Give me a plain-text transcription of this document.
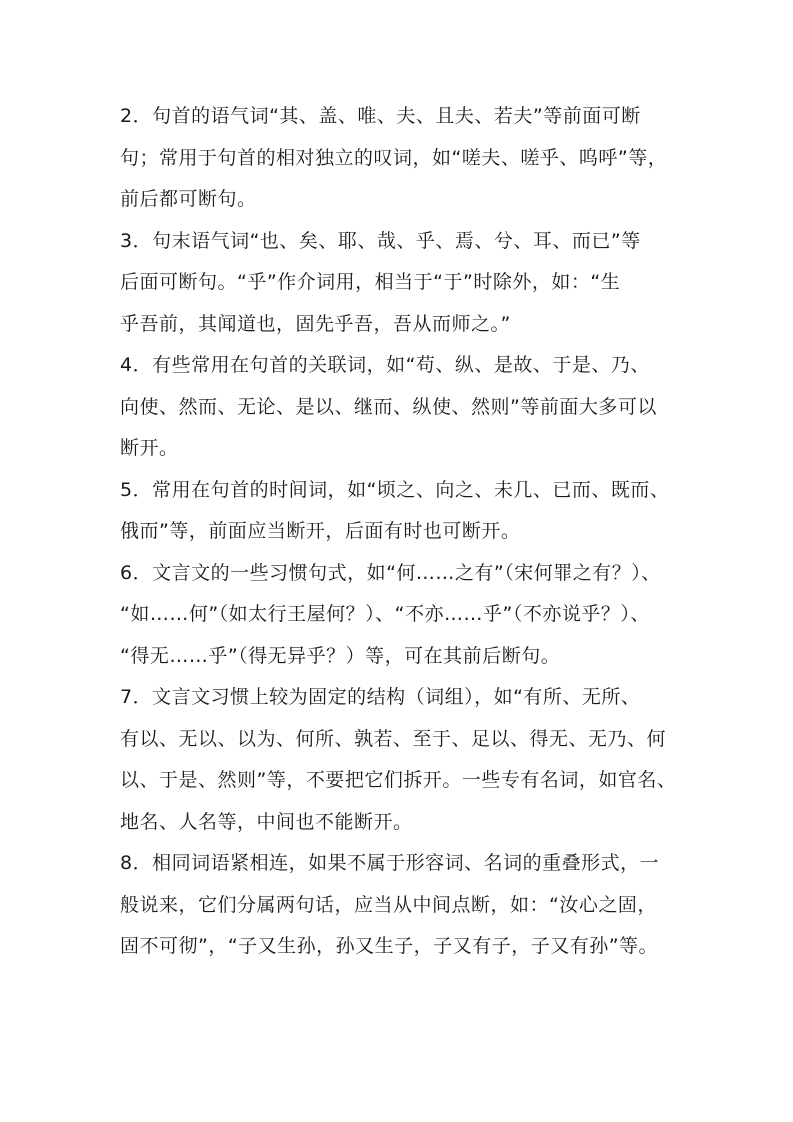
2．句首的语气词“其、盖、唯、夫、且夫、若夫”等前面可断
句；常用于句首的相对独立的叹词，如“嗟夫、嗟乎、呜呼”等，
前后都可断句。
3．句末语气词“也、矣、耶、哉、乎、焉、兮、耳、而已”等
后面可断句。“乎”作介词用，相当于“于”时除外，如：“生
乎吾前，其闻道也，固先乎吾，吾从而师之。”
4．有些常用在句首的关联词，如“苟、纵、是故、于是、乃、
向使、然而、无论、是以、继而、纵使、然则”等前面大多可以
断开。
5．常用在句首的时间词，如“顷之、向之、未几、已而、既而、
俄而”等，前面应当断开，后面有时也可断开。
6．文言文的一些习惯句式，如“何……之有”（宋何罪之有？）、
“如……何”（如太行王屋何？）、“不亦……乎”（不亦说乎？）、
“得无……乎”（得无异乎？）等，可在其前后断句。
7．文言文习惯上较为固定的结构（词组），如“有所、无所、
有以、无以、以为、何所、孰若、至于、足以、得无、无乃、何
以、于是、然则”等，不要把它们拆开。一些专有名词，如官名、
地名、人名等，中间也不能断开。
8．相同词语紧相连，如果不属于形容词、名词的重叠形式，一
般说来，它们分属两句话，应当从中间点断，如：“汝心之固，
固不可彻”，“子又生孙，孙又生子，子又有子，子又有孙”等。
